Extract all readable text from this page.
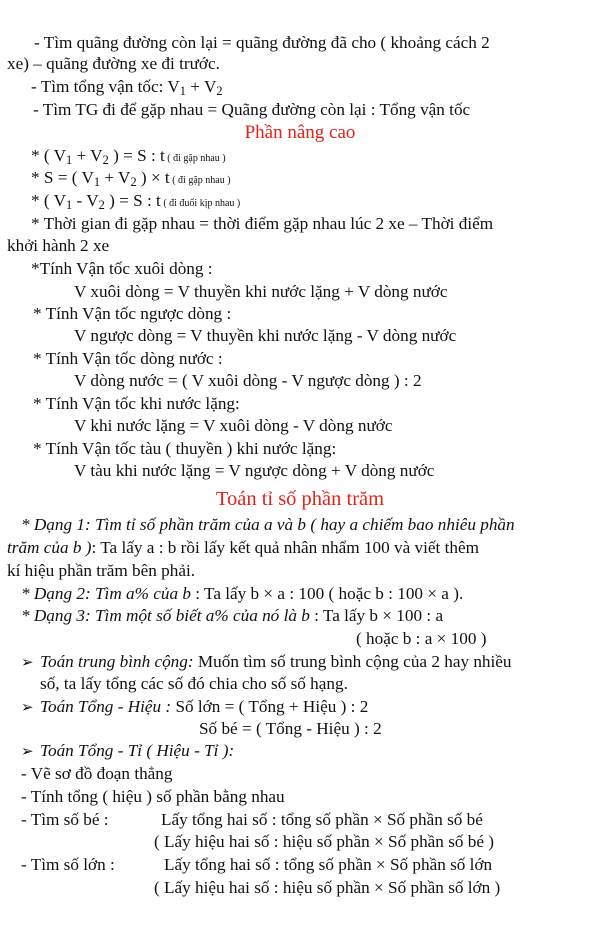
- Tìm quãng đường còn lại = quãng đường đã cho ( khoảng cách 2
xe) – quãng đường xe đi trước.
- Tìm tổng vận tốc: $V_1 + V_2$
- Tìm TG đi để gặp nhau = Quãng đường còn lại : Tổng vận tốc
Phần nâng cao
* ( $V_1 + V_2$ ) = S : t ( đi gặp nhau )
* S = ( $V_1 + V_2$ ) × t ( đi gặp nhau )
* ( $V_1 - V_2$ ) = S : t ( đi đuổi kịp nhau )
* Thời gian đi gặp nhau = thời điểm gặp nhau lúc 2 xe – Thời điểm
khởi hành 2 xe
*Tính Vận tốc xuôi dòng :
V xuôi dòng = V thuyền khi nước lặng + V dòng nước
* Tính Vận tốc ngược dòng :
V ngược dòng = V thuyền khi nước lặng - V dòng nước
* Tính Vận tốc dòng nước :
V dòng nước = ( V xuôi dòng - V ngược dòng ) : 2
* Tính Vận tốc khi nước lặng:
V khi nước lặng = V xuôi dòng - V dòng nước
* Tính Vận tốc tàu ( thuyền ) khi nước lặng:
V tàu khi nước lặng = V ngược dòng + V dòng nước
Toán tỉ số phần trăm
* Dạng 1: Tìm tỉ số phần trăm của a và b ( hay a chiếm bao nhiêu phần
trăm của b ): Ta lấy a : b rồi lấy kết quả nhân nhẩm 100 và viết thêm
kí hiệu phần trăm bên phải.
* Dạng 2: Tìm a% của b : Ta lấy b × a : 100 ( hoặc b : 100 × a ).
* Dạng 3: Tìm một số biết a% của nó là b : Ta lấy b × 100 : a
( hoặc b : a × 100 )
➢ Toán trung bình cộng: Muốn tìm số trung bình cộng của 2 hay nhiều
số, ta lấy tổng các số đó chia cho số số hạng.
➢ Toán Tổng - Hiệu : Số lớn = ( Tổng + Hiệu ) : 2
Số bé = ( Tổng - Hiệu ) : 2
➢ Toán Tổng - Tỉ ( Hiệu - Tỉ ):
- Vẽ sơ đồ đoạn thẳng
- Tính tổng ( hiệu ) số phần bằng nhau
- Tìm số bé :	Lấy tổng hai số : tổng số phần × Số phần số bé
( Lấy hiệu hai số : hiệu số phần × Số phần số bé )
- Tìm số lớn :	Lấy tổng hai số : tổng số phần × Số phần số lớn
( Lấy hiệu hai số : hiệu số phần × Số phần số lớn )
